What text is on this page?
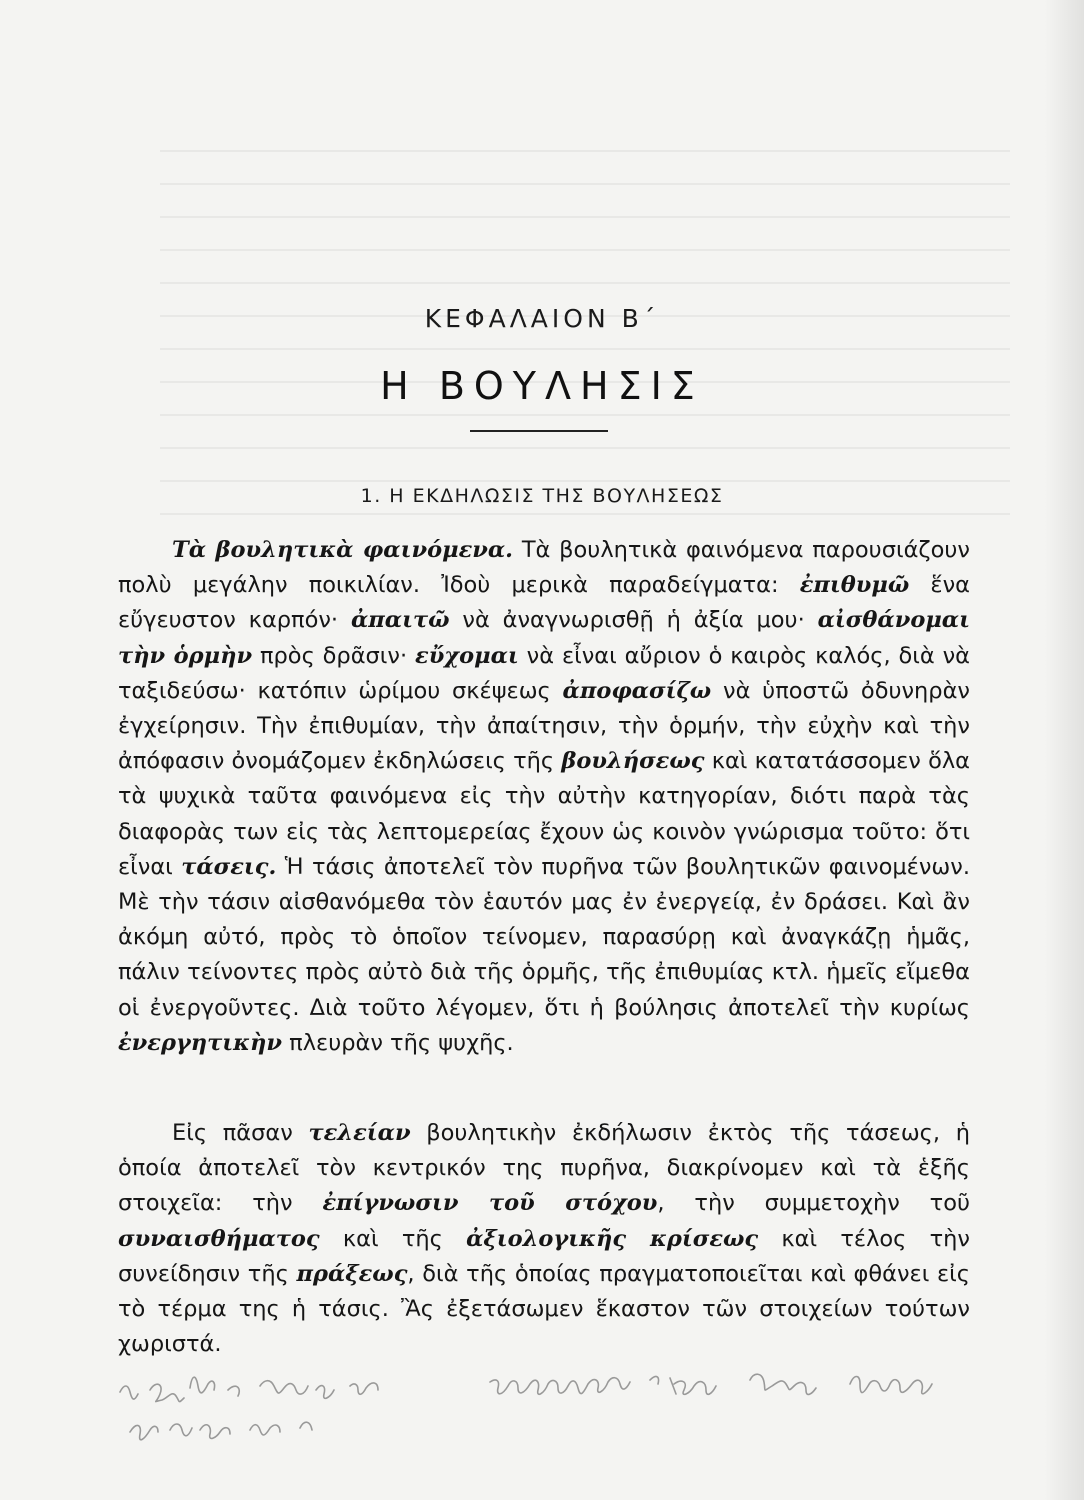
ΚΕΦΑΛΑΙΟΝ Β΄
Η ΒΟΥΛΗΣΙΣ
1. Η ΕΚΔΗΛΩΣΙΣ ΤΗΣ ΒΟΥΛΗΣΕΩΣ

Τὰ βουλητικὰ φαινόμενα. Τὰ βουλητικὰ φαινόμενα παρουσιάζουν πολὺ μεγάλην ποικιλίαν. Ἰδοὺ μερικὰ παραδείγματα: ἐπιθυμῶ ἕνα εὔγευστον καρπόν· ἀπαιτῶ νὰ ἀναγνωρισθῇ ἡ ἀξία μου· αἰσθάνομαι τὴν ὁρμὴν πρὸς δρᾶσιν· εὔχομαι νὰ εἶναι αὔριον ὁ καιρὸς καλός, διὰ νὰ ταξιδεύσω· κατόπιν ὡρίμου σκέψεως ἀποφασίζω νὰ ὑποστῶ ὀδυνηρὰν ἐγχείρησιν. Τὴν ἐπιθυμίαν, τὴν ἀπαίτησιν, τὴν ὁρμήν, τὴν εὐχὴν καὶ τὴν ἀπόφασιν ὀνομάζομεν ἐκδηλώσεις τῆς βουλήσεως καὶ κατατάσσομεν ὅλα τὰ ψυχικὰ ταῦτα φαινόμενα εἰς τὴν αὐτὴν κατηγορίαν, διότι παρὰ τὰς διαφορὰς των εἰς τὰς λεπτομερείας ἔχουν ὡς κοινὸν γνώρισμα τοῦτο: ὅτι εἶναι τάσεις. Ἡ τάσις ἀποτελεῖ τὸν πυρῆνα τῶν βουλητικῶν φαινομένων. Μὲ τὴν τάσιν αἰσθανόμεθα τὸν ἑαυτόν μας ἐν ἐνεργείᾳ, ἐν δράσει. Καὶ ἂν ἀκόμη αὐτό, πρὸς τὸ ὁποῖον τείνομεν, παρασύρῃ καὶ ἀναγκάζῃ ἡμᾶς, πάλιν τείνοντες πρὸς αὐτὸ διὰ τῆς ὁρμῆς, τῆς ἐπιθυμίας κτλ. ἡμεῖς εἴμεθα οἱ ἐνεργοῦντες. Διὰ τοῦτο λέγομεν, ὅτι ἡ βούλησις ἀποτελεῖ τὴν κυρίως ἐνεργητικὴν πλευρὰν τῆς ψυχῆς.

Εἰς πᾶσαν τελείαν βουλητικὴν ἐκδήλωσιν ἐκτὸς τῆς τάσεως, ἡ ὁποία ἀποτελεῖ τὸν κεντρικόν της πυρῆνα, διακρίνομεν καὶ τὰ ἑξῆς στοιχεῖα: τὴν ἐπίγνωσιν τοῦ στόχου, τὴν συμμετοχὴν τοῦ συναισθήματος καὶ τῆς ἀξιολογικῆς κρίσεως καὶ τέλος τὴν συνείδησιν τῆς πράξεως, διὰ τῆς ὁποίας πραγματοποιεῖται καὶ φθάνει εἰς τὸ τέρμα της ἡ τάσις. Ἂς ἐξετάσωμεν ἕκαστον τῶν στοιχείων τούτων χωριστά.
